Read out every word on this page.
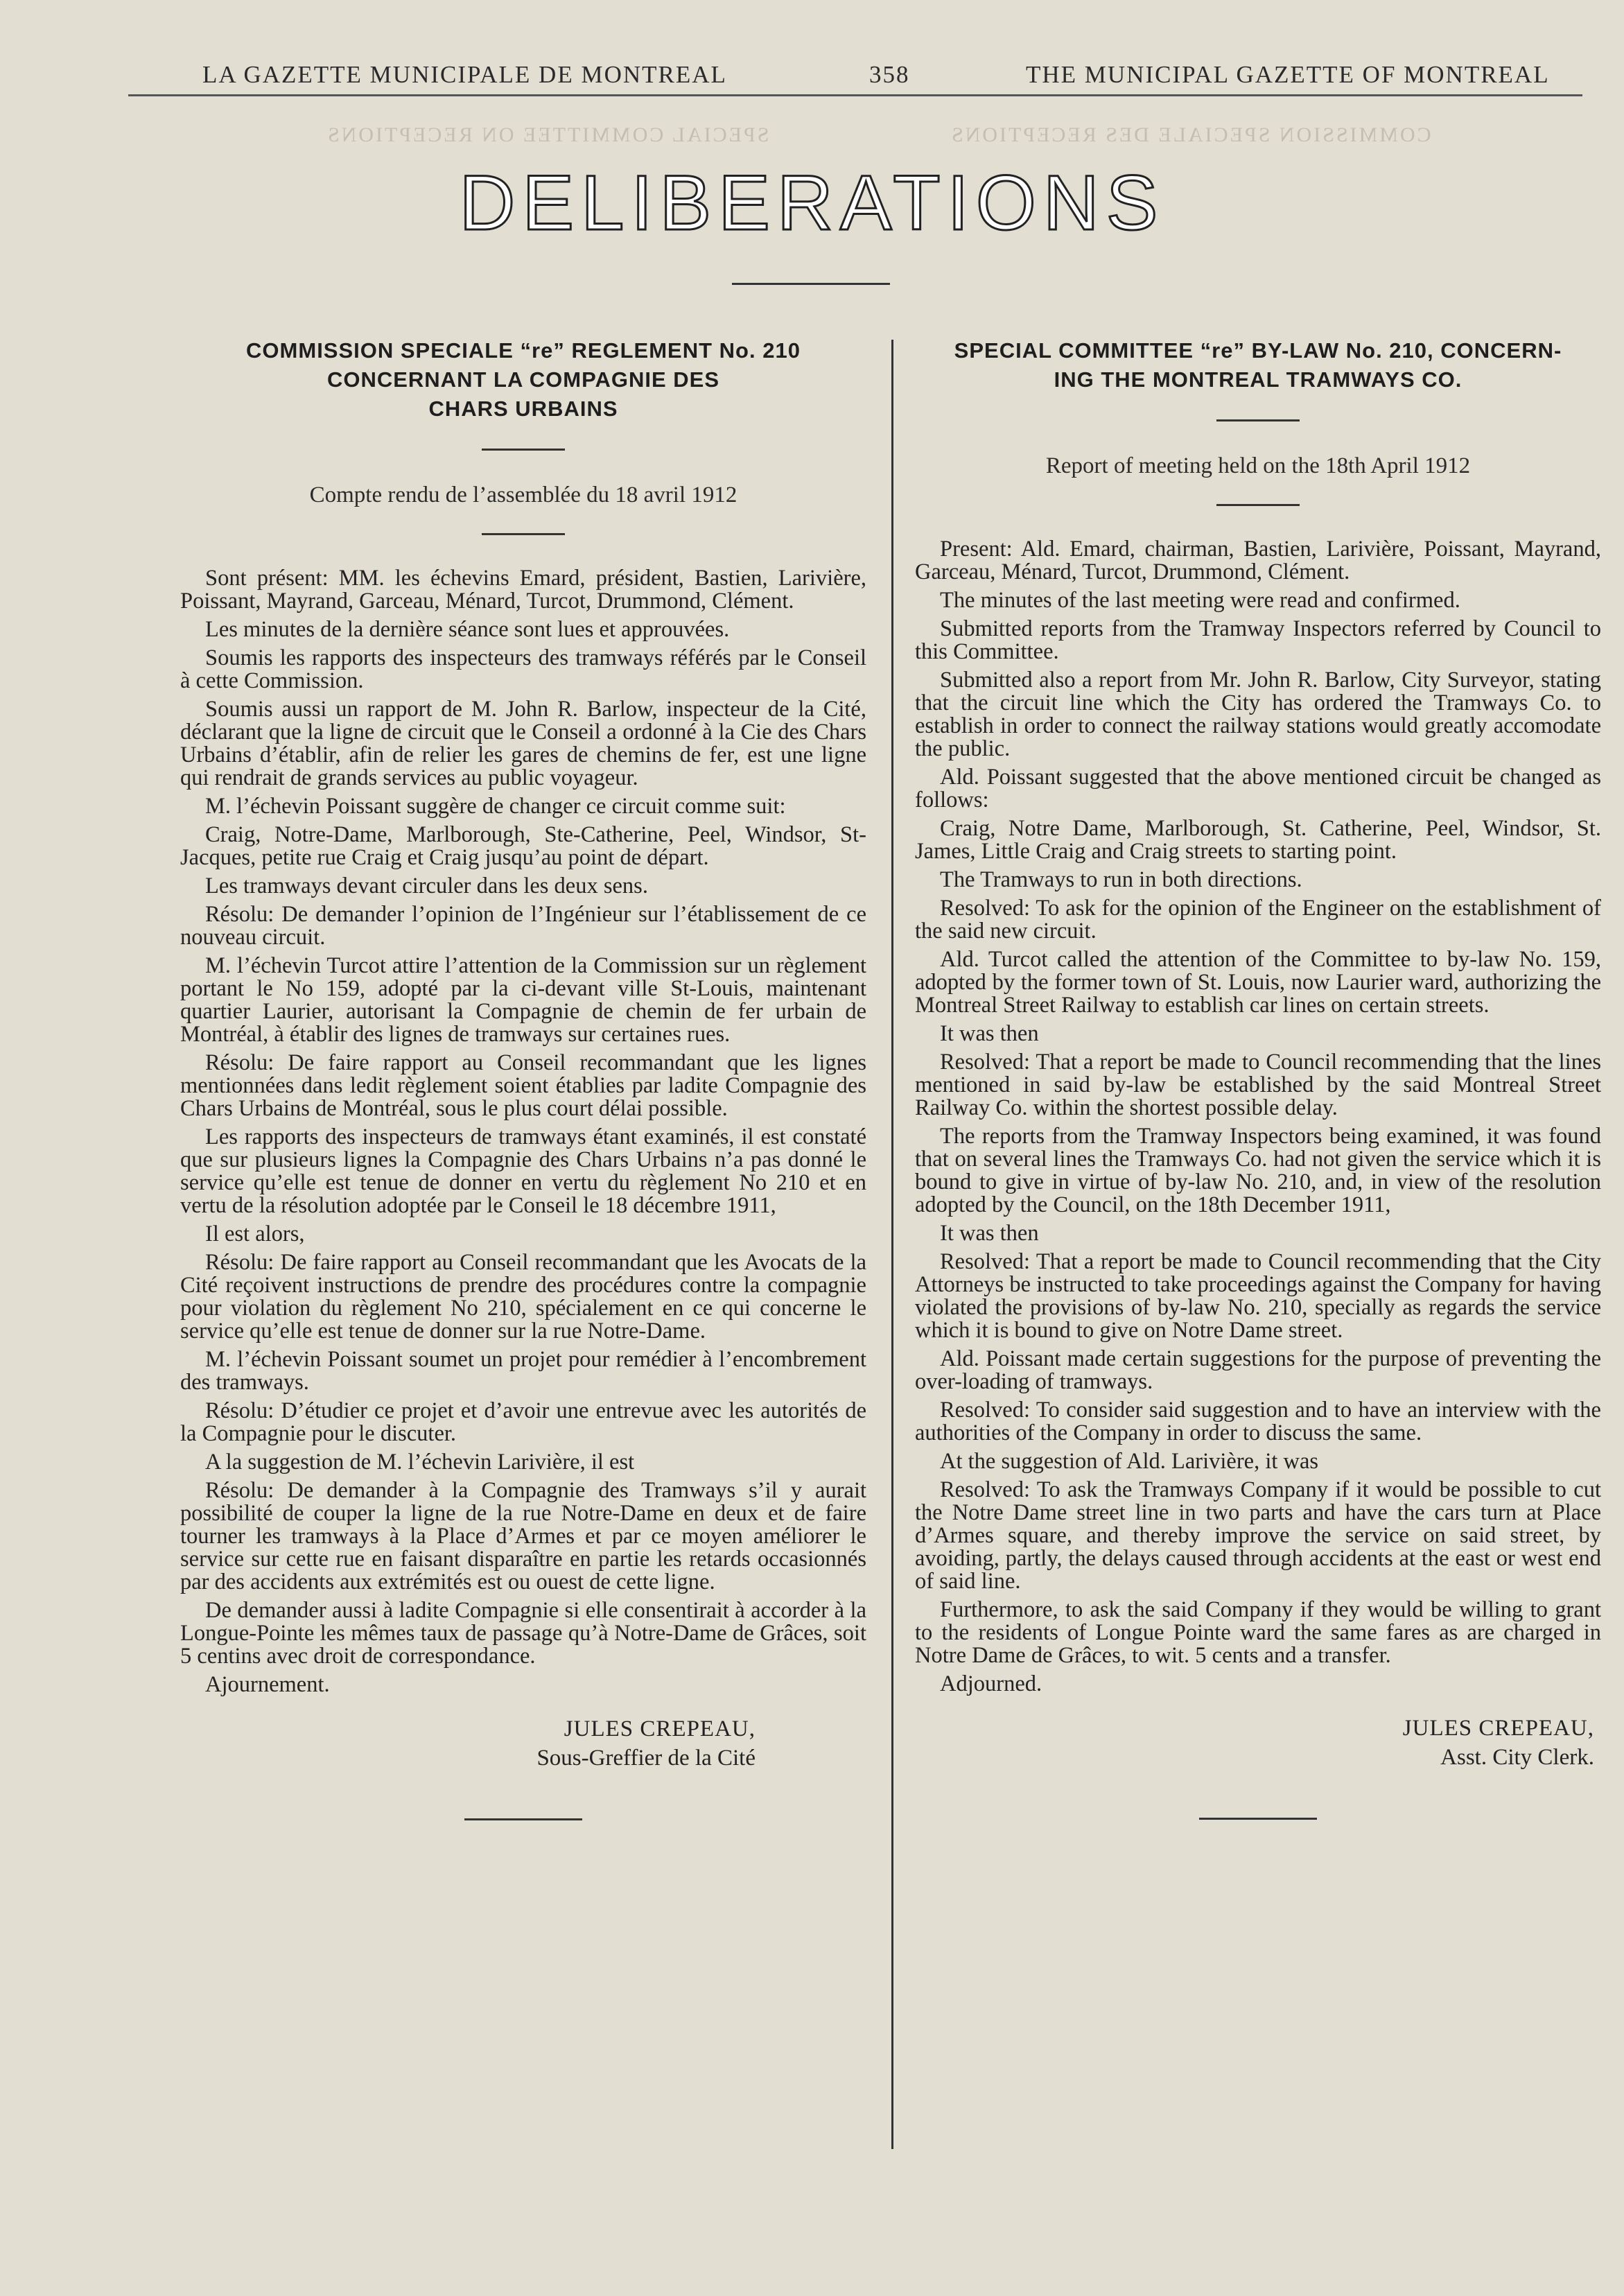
SPECIAL COMMITTEE ON RECEPTIONS	COMMISSION SPECIALE DES RECEPTIONS
LA GAZETTE MUNICIPALE DE MONTREAL	358	THE MUNICIPAL GAZETTE OF MONTREAL
DELIBERATIONS
COMMISSION SPECIALE “re” REGLEMENT No. 210
CONCERNANT LA COMPAGNIE DES
CHARS URBAINS
Compte rendu de l’assemblée du 18 avril 1912

Sont présent: MM. les échevins Emard, président, Bastien, Larivière, Poissant, Mayrand, Garceau, Ménard, Turcot, Drummond, Clément.

Les minutes de la dernière séance sont lues et approuvées.

Soumis les rapports des inspecteurs des tramways référés par le Conseil à cette Commission.

Soumis aussi un rapport de M. John R. Barlow, inspecteur de la Cité, déclarant que la ligne de circuit que le Conseil a ordonné à la Cie des Chars Urbains d’établir, afin de relier les gares de chemins de fer, est une ligne qui rendrait de grands services au public voyageur.

M. l’échevin Poissant suggère de changer ce circuit comme suit:

Craig, Notre-Dame, Marlborough, Ste-Catherine, Peel, Windsor, St-Jacques, petite rue Craig et Craig jusqu’au point de départ.

Les tramways devant circuler dans les deux sens.

Résolu: De demander l’opinion de l’Ingénieur sur l’établissement de ce nouveau circuit.

M. l’échevin Turcot attire l’attention de la Commission sur un règlement portant le No 159, adopté par la ci-devant ville St-Louis, maintenant quartier Laurier, autorisant la Compagnie de chemin de fer urbain de Montréal, à établir des lignes de tramways sur certaines rues.

Résolu: De faire rapport au Conseil recommandant que les lignes mentionnées dans ledit règlement soient établies par ladite Compagnie des Chars Urbains de Montréal, sous le plus court délai possible.

Les rapports des inspecteurs de tramways étant examinés, il est constaté que sur plusieurs lignes la Compagnie des Chars Urbains n’a pas donné le service qu’elle est tenue de donner en vertu du règlement No 210 et en vertu de la résolution adoptée par le Conseil le 18 décembre 1911,

Il est alors,

Résolu: De faire rapport au Conseil recommandant que les Avocats de la Cité reçoivent instructions de prendre des procédures contre la compagnie pour violation du règlement No 210, spécialement en ce qui concerne le service qu’elle est tenue de donner sur la rue Notre-Dame.

M. l’échevin Poissant soumet un projet pour remédier à l’encombrement des tramways.

Résolu: D’étudier ce projet et d’avoir une entrevue avec les autorités de la Compagnie pour le discuter.

A la suggestion de M. l’échevin Larivière, il est

Résolu: De demander à la Compagnie des Tramways s’il y aurait possibilité de couper la ligne de la rue Notre-Dame en deux et de faire tourner les tramways à la Place d’Armes et par ce moyen améliorer le service sur cette rue en faisant disparaître en partie les retards occasionnés par des accidents aux extrémités est ou ouest de cette ligne.

De demander aussi à ladite Compagnie si elle consentirait à accorder à la Longue-Pointe les mêmes taux de passage qu’à Notre-Dame de Grâces, soit 5 centins avec droit de correspondance.

Ajournement.

JULES CREPEAU,
Sous-Greffier de la Cité
SPECIAL COMMITTEE “re” BY-LAW No. 210, CONCERN-
ING THE MONTREAL TRAMWAYS CO.
Report of meeting held on the 18th April 1912

Present: Ald. Emard, chairman, Bastien, Larivière, Poissant, Mayrand, Garceau, Ménard, Turcot, Drummond, Clément.

The minutes of the last meeting were read and confirmed.

Submitted reports from the Tramway Inspectors referred by Council to this Committee.

Submitted also a report from Mr. John R. Barlow, City Surveyor, stating that the circuit line which the City has ordered the Tramways Co. to establish in order to connect the railway stations would greatly accomodate the public.

Ald. Poissant suggested that the above mentioned circuit be changed as follows:

Craig, Notre Dame, Marlborough, St. Catherine, Peel, Windsor, St. James, Little Craig and Craig streets to starting point.

The Tramways to run in both directions.

Resolved: To ask for the opinion of the Engineer on the establishment of the said new circuit.

Ald. Turcot called the attention of the Committee to by-law No. 159, adopted by the former town of St. Louis, now Laurier ward, authorizing the Montreal Street Railway to establish car lines on certain streets.

It was then

Resolved: That a report be made to Council recommending that the lines mentioned in said by-law be established by the said Montreal Street Railway Co. within the shortest possible delay.

The reports from the Tramway Inspectors being examined, it was found that on several lines the Tramways Co. had not given the service which it is bound to give in virtue of by-law No. 210, and, in view of the resolution adopted by the Council, on the 18th December 1911,

It was then

Resolved: That a report be made to Council recommending that the City Attorneys be instructed to take proceedings against the Company for having violated the provisions of by-law No. 210, specially as regards the service which it is bound to give on Notre Dame street.

Ald. Poissant made certain suggestions for the purpose of preventing the over-loading of tramways.

Resolved: To consider said suggestion and to have an interview with the authorities of the Company in order to discuss the same.

At the suggestion of Ald. Larivière, it was

Resolved: To ask the Tramways Company if it would be possible to cut the Notre Dame street line in two parts and have the cars turn at Place d’Armes square, and thereby improve the service on said street, by avoiding, partly, the delays caused through accidents at the east or west end of said line.

Furthermore, to ask the said Company if they would be willing to grant to the residents of Longue Pointe ward the same fares as are charged in Notre Dame de Grâces, to wit. 5 cents and a transfer.

Adjourned.

JULES CREPEAU,
Asst. City Clerk.
